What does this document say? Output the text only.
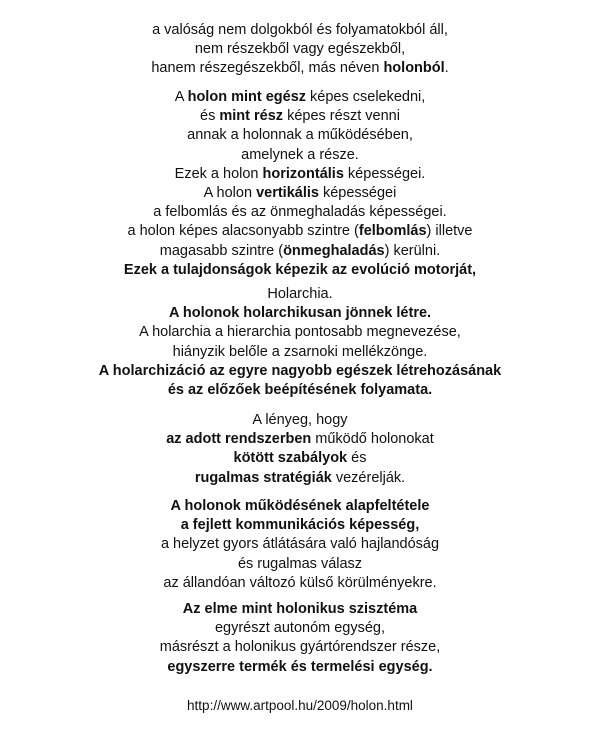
a valóság nem dolgokból és folyamatokból áll,
nem részekből vagy egészekből,
hanem részegészekből, más néven holonból.
A holon mint egész képes cselekedni,
és mint rész képes részt venni
annak a holonnak a működésében,
amelynek a része.
Ezek a holon horizontális képességei.
A holon vertikális képességei
a felbomlás és az önmeghaladás képességei.
a holon képes alacsonyabb szintre (felbomlás) illetve
magasabb szintre (önmeghaladás) kerülni.
Ezek a tulajdonságok képezik az evolúció motorját,
Holarchia.
A holonok holarchikusan jönnek létre.
A holarchia a hierarchia pontosabb megnevezése,
hiányzik belőle a zsarnoki mellékzönge.
A holarchizáció az egyre nagyobb egészek létrehozásának
és az előzőek beépítésének folyamata.
A lényeg, hogy
az adott rendszerben működő holonokat
kötött szabályok és
rugalmas stratégiák vezérelják.
A holonok működésének alapfeltétele
a fejlett kommunikációs képesség,
a helyzet gyors átlátására való hajlandóság
és rugalmas válasz
az állandóan változó külső körülményekre.
Az elme mint holonikus szisztéma
egyrészt autonóm egység,
másrészt a holonikus gyártórendszer része,
egyszerre termék és termelési egység.
http://www.artpool.hu/2009/holon.html
